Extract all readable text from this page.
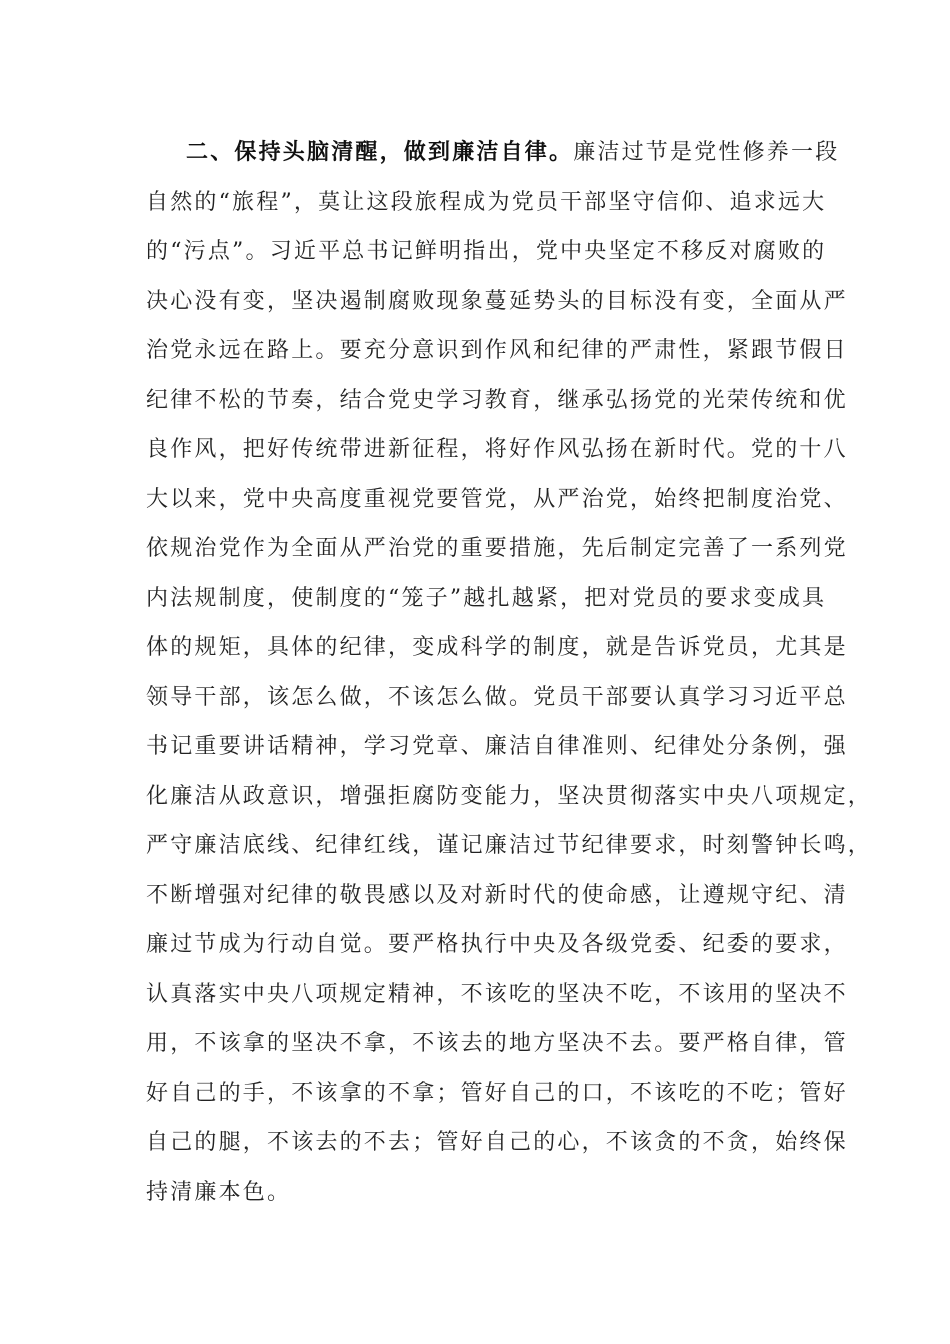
二、保持头脑清醒，做到廉洁自律。廉洁过节是党性修养一段
自然的“旅程”，莫让这段旅程成为党员干部坚守信仰、追求远大
的“污点”。习近平总书记鲜明指出，党中央坚定不移反对腐败的
决心没有变，坚决遏制腐败现象蔓延势头的目标没有变，全面从严
治党永远在路上。要充分意识到作风和纪律的严肃性，紧跟节假日
纪律不松的节奏，结合党史学习教育，继承弘扬党的光荣传统和优
良作风，把好传统带进新征程，将好作风弘扬在新时代。党的十八
大以来，党中央高度重视党要管党，从严治党，始终把制度治党、
依规治党作为全面从严治党的重要措施，先后制定完善了一系列党
内法规制度，使制度的“笼子”越扎越紧，把对党员的要求变成具
体的规矩，具体的纪律，变成科学的制度，就是告诉党员，尤其是
领导干部，该怎么做，不该怎么做。党员干部要认真学习习近平总
书记重要讲话精神，学习党章、廉洁自律准则、纪律处分条例，强
化廉洁从政意识，增强拒腐防变能力，坚决贯彻落实中央八项规定，
严守廉洁底线、纪律红线，谨记廉洁过节纪律要求，时刻警钟长鸣，
不断增强对纪律的敬畏感以及对新时代的使命感，让遵规守纪、清
廉过节成为行动自觉。要严格执行中央及各级党委、纪委的要求，
认真落实中央八项规定精神，不该吃的坚决不吃，不该用的坚决不
用，不该拿的坚决不拿，不该去的地方坚决不去。要严格自律，管
好自己的手，不该拿的不拿；管好自己的口，不该吃的不吃；管好
自己的腿，不该去的不去；管好自己的心，不该贪的不贪，始终保
持清廉本色。
